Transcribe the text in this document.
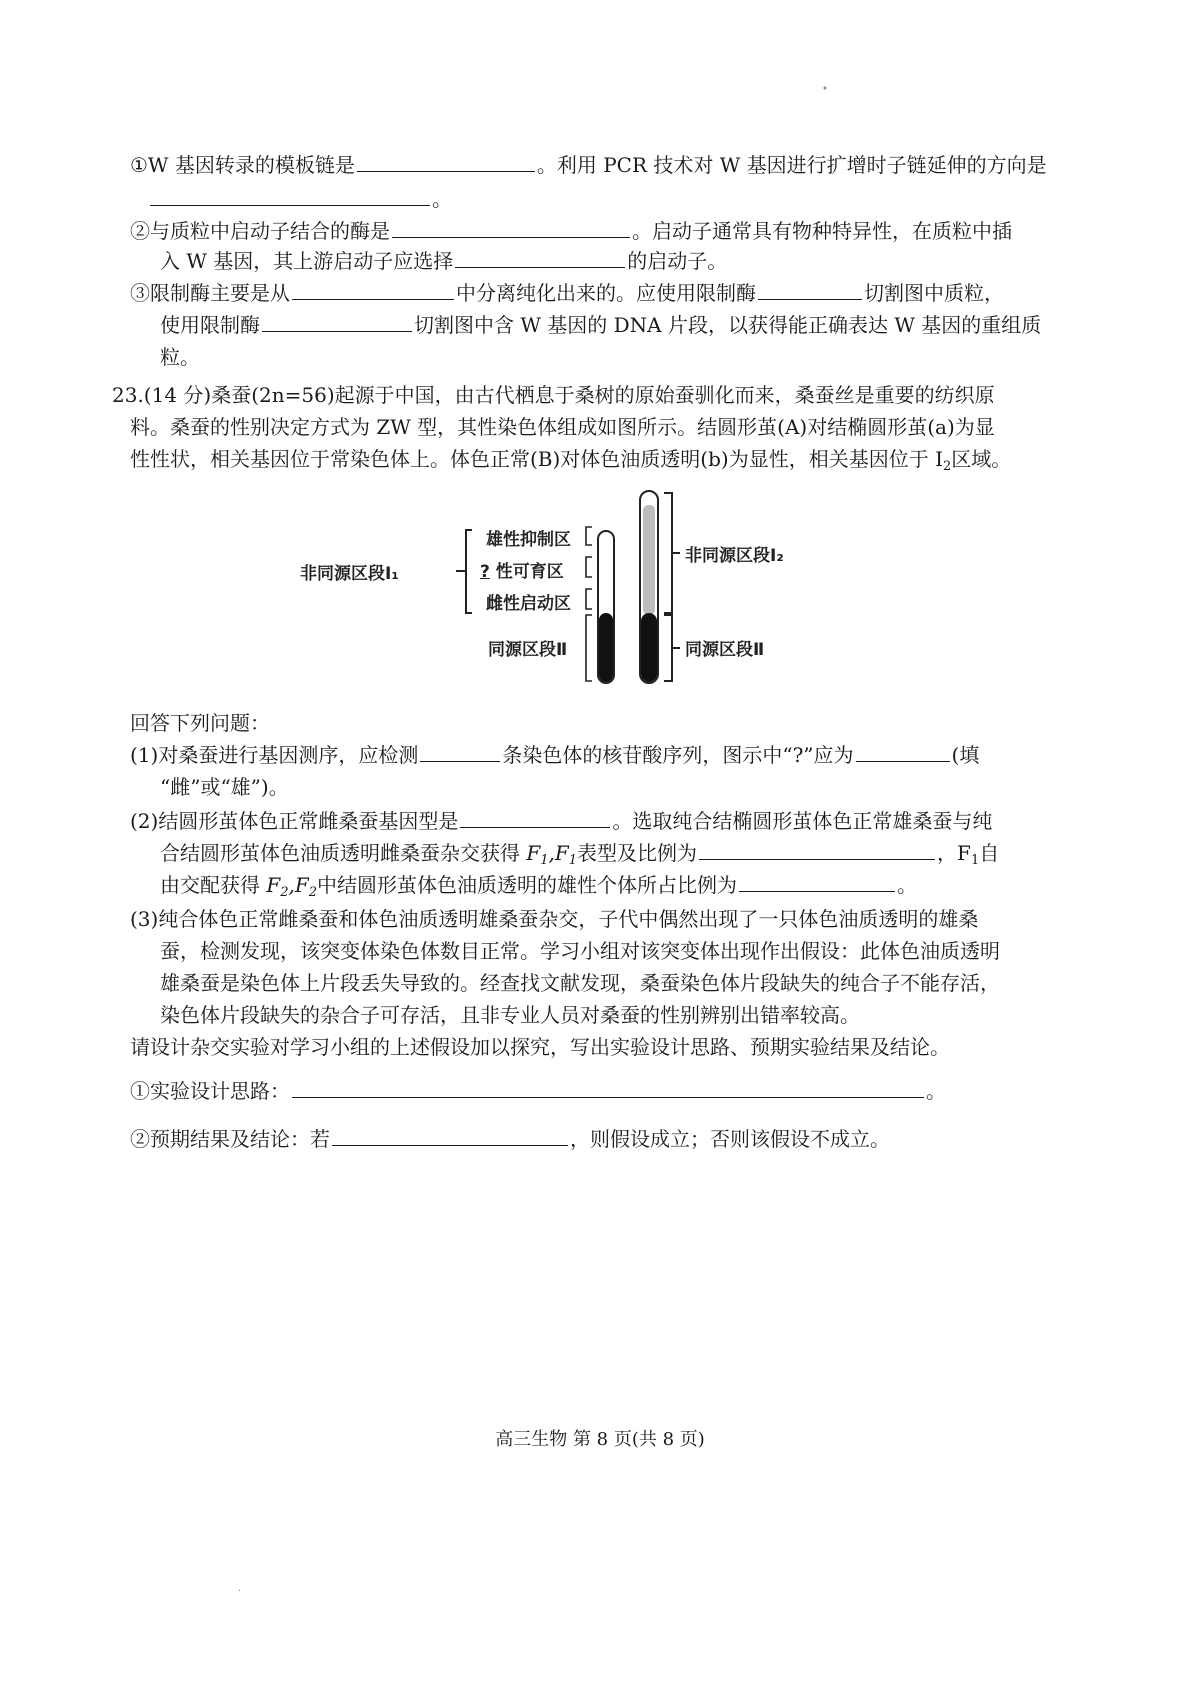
•
①W 基因转录的模板链是	。利用 PCR 技术对 W 基因进行扩增时子链延伸的方向是
。
②与质粒中启动子结合的酶是	。启动子通常具有物种特异性，在质粒中插
入 W 基因，其上游启动子应选择	的启动子。
③限制酶主要是从	中分离纯化出来的。应使用限制酶	切割图中质粒，
使用限制酶	切割图中含 W 基因的 DNA 片段，以获得能正确表达 W 基因的重组质
粒。
23.(14 分)桑蚕(2n=56)起源于中国，由古代栖息于桑树的原始蚕驯化而来，桑蚕丝是重要的纺织原
料。桑蚕的性别决定方式为 ZW 型，其性染色体组成如图所示。结圆形茧(A)对结椭圆形茧(a)为显
性性状，相关基因位于常染色体上。体色正常(B)对体色油质透明(b)为显性，相关基因位于 $I_2$区域。
非同源区段Ⅰ₁
雄性抑制区
? 性可育区
雌性启动区
同源区段Ⅱ
非同源区段Ⅰ₂
同源区段Ⅱ
回答下列问题：
(1)对桑蚕进行基因测序，应检测	条染色体的核苷酸序列，图示中“?”应为	(填
“雌”或“雄”)。
(2)结圆形茧体色正常雌桑蚕基因型是	。选取纯合结椭圆形茧体色正常雄桑蚕与纯
合结圆形茧体色油质透明雌桑蚕杂交获得 $F_1,F_1$表型及比例为	，$F_1$自
由交配获得 $F_2,F_2$中结圆形茧体色油质透明的雄性个体所占比例为	。
(3)纯合体色正常雌桑蚕和体色油质透明雄桑蚕杂交，子代中偶然出现了一只体色油质透明的雄桑
蚕，检测发现，该突变体染色体数目正常。学习小组对该突变体出现作出假设：此体色油质透明
雄桑蚕是染色体上片段丢失导致的。经查找文献发现，桑蚕染色体片段缺失的纯合子不能存活，
染色体片段缺失的杂合子可存活，且非专业人员对桑蚕的性别辨别出错率较高。
请设计杂交实验对学习小组的上述假设加以探究，写出实验设计思路、预期实验结果及结论。
①实验设计思路：	。
②预期结果及结论：若	，则假设成立；否则该假设不成立。
高三生物 第 8 页(共 8 页)
·
